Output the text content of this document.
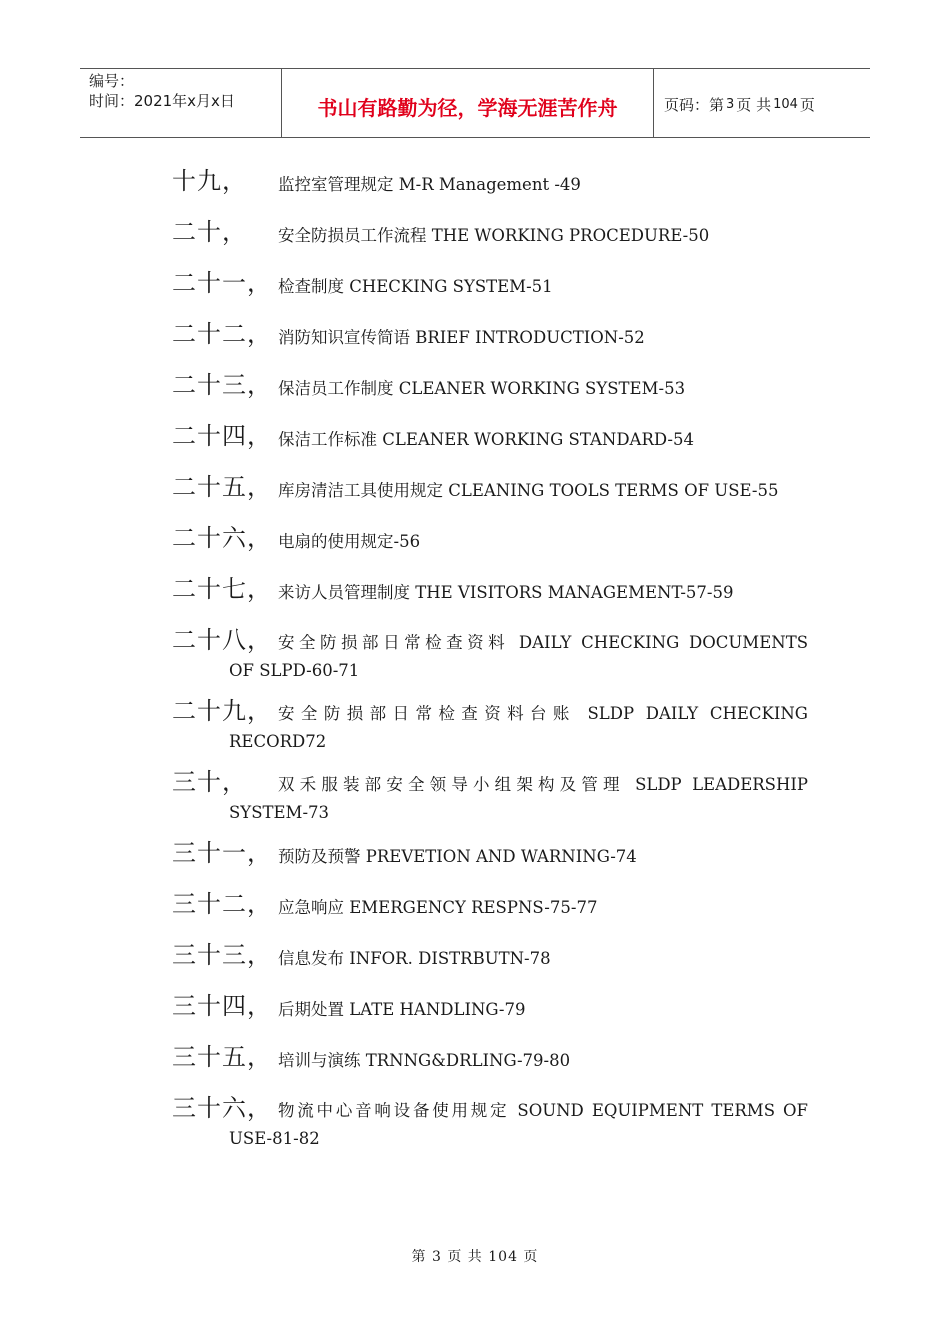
编号：
时间：2021年x月x日	书山有路勤为径，学海无涯苦作舟	页码：第 3 页 共 104 页
十九， 监控室管理规定 M-R Management -49
二十， 安全防损员工作流程 THE WORKING PROCEDURE-50
二十一， 检查制度 CHECKING SYSTEM-51
二十二， 消防知识宣传简语 BRIEF INTRODUCTION-52
二十三， 保洁员工作制度 CLEANER WORKING SYSTEM-53
二十四， 保洁工作标准 CLEANER WORKING STANDARD-54
二十五， 库房清洁工具使用规定 CLEANING TOOLS TERMS OF USE-55
二十六， 电扇的使用规定-56
二十七， 来访人员管理制度 THE VISITORS MANAGEMENT-57-59
二十八， 安全防损部日常检查资料 DAILY CHECKING DOCUMENTS
OF SLPD-60-71
二十九， 安全防损部日常检查资料台账 SLDP DAILY CHECKING
RECORD72
三十， 双禾服装部安全领导小组架构及管理 SLDP LEADERSHIP
SYSTEM-73
三十一， 预防及预警 PREVETION AND WARNING-74
三十二， 应急响应 EMERGENCY RESPNS-75-77
三十三， 信息发布 INFOR. DISTRBUTN-78
三十四， 后期处置 LATE HANDLING-79
三十五， 培训与演练 TRNNG&DRLING-79-80
三十六， 物流中心音响设备使用规定 SOUND EQUIPMENT TERMS OF
USE-81-82
第 3 页 共 104 页
